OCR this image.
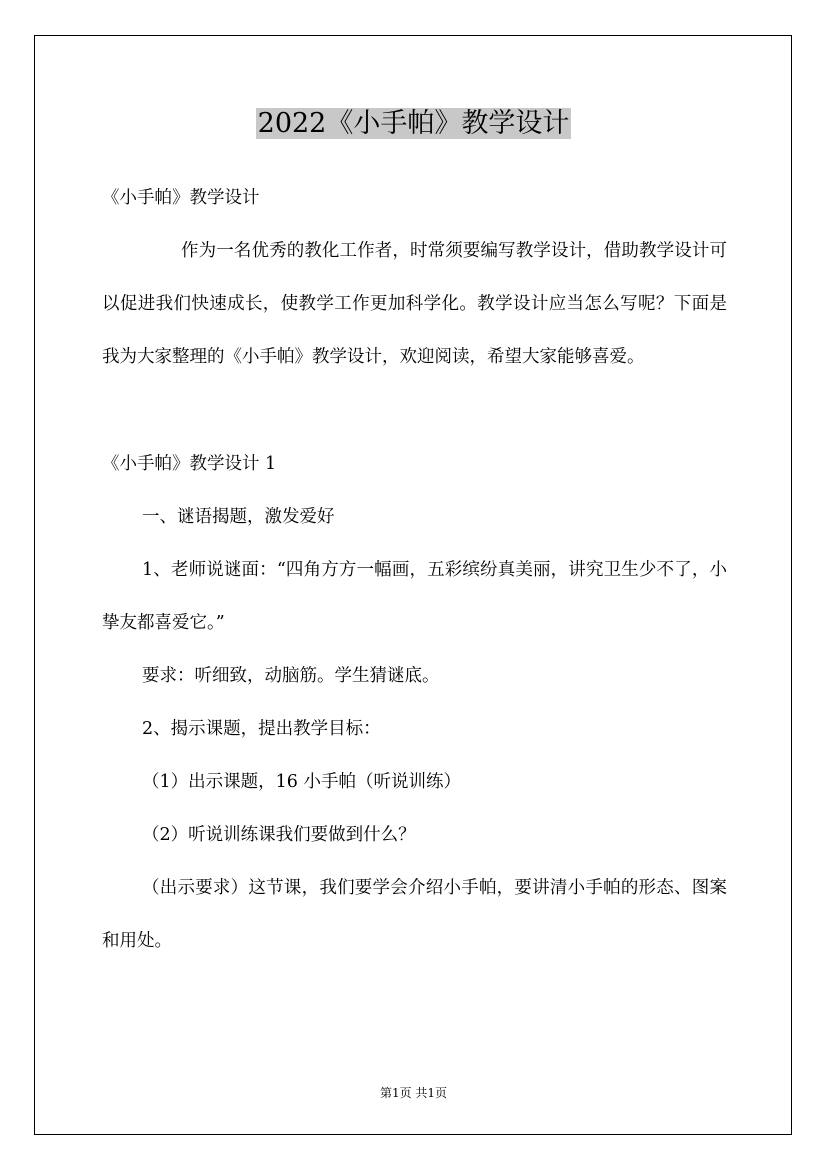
2022《小手帕》教学设计

《小手帕》教学设计

作为一名优秀的教化工作者，时常须要编写教学设计，借助教学设计可以促进我们快速成长，使教学工作更加科学化。教学设计应当怎么写呢？下面是我为大家整理的《小手帕》教学设计，欢迎阅读，希望大家能够喜爱。

《小手帕》教学设计 1

一、谜语揭题，激发爱好

1、老师说谜面：“四角方方一幅画，五彩缤纷真美丽，讲究卫生少不了，小挚友都喜爱它。”

要求：听细致，动脑筋。学生猜谜底。

2、揭示课题，提出教学目标：

（1）出示课题，16 小手帕（听说训练）

（2）听说训练课我们要做到什么？

（出示要求）这节课，我们要学会介绍小手帕，要讲清小手帕的形态、图案和用处。

第1页 共1页
